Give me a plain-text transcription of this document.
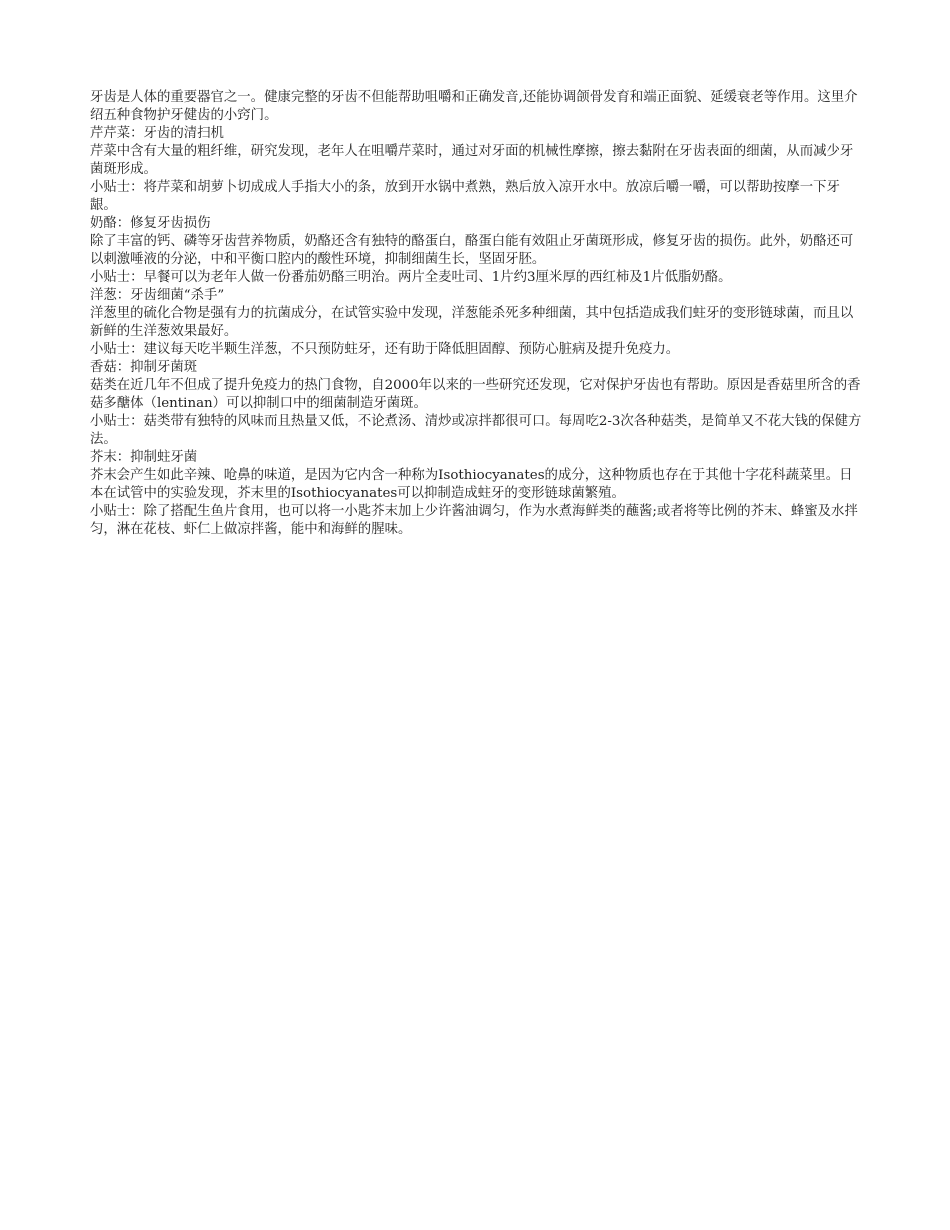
牙齿是人体的重要器官之一。健康完整的牙齿不但能帮助咀嚼和正确发音,还能协调颌骨发育和端正面貌、延缓衰老等作用。这里介绍五种食物护牙健齿的小窍门。

芹芹菜：牙齿的清扫机

芹菜中含有大量的粗纤维，研究发现，老年人在咀嚼芹菜时，通过对牙面的机械性摩擦，擦去黏附在牙齿表面的细菌，从而减少牙菌斑形成。

小贴士：将芹菜和胡萝卜切成成人手指大小的条，放到开水锅中煮熟，熟后放入凉开水中。放凉后嚼一嚼，可以帮助按摩一下牙龈。

奶酪：修复牙齿损伤

除了丰富的钙、磷等牙齿营养物质，奶酪还含有独特的酪蛋白，酪蛋白能有效阻止牙菌斑形成，修复牙齿的损伤。此外，奶酪还可以刺激唾液的分泌，中和平衡口腔内的酸性环境，抑制细菌生长，坚固牙胚。

小贴士：早餐可以为老年人做一份番茄奶酪三明治。两片全麦吐司、1片约3厘米厚的西红柿及1片低脂奶酪。

洋葱：牙齿细菌“杀手”

洋葱里的硫化合物是强有力的抗菌成分，在试管实验中发现，洋葱能杀死多种细菌，其中包括造成我们蛀牙的变形链球菌，而且以新鲜的生洋葱效果最好。

小贴士：建议每天吃半颗生洋葱，不只预防蛀牙，还有助于降低胆固醇、预防心脏病及提升免疫力。

香菇：抑制牙菌斑

菇类在近几年不但成了提升免疫力的热门食物，自2000年以来的一些研究还发现，它对保护牙齿也有帮助。原因是香菇里所含的香菇多醣体（lentinan）可以抑制口中的细菌制造牙菌斑。

小贴士：菇类带有独特的风味而且热量又低，不论煮汤、清炒或凉拌都很可口。每周吃2-3次各种菇类，是简单又不花大钱的保健方法。

芥末：抑制蛀牙菌

芥末会产生如此辛辣、呛鼻的味道，是因为它内含一种称为Isothiocyanates的成分，这种物质也存在于其他十字花科蔬菜里。日本在试管中的实验发现，芥末里的Isothiocyanates可以抑制造成蛀牙的变形链球菌繁殖。

小贴士：除了搭配生鱼片食用，也可以将一小匙芥末加上少许酱油调匀，作为水煮海鲜类的蘸酱;或者将等比例的芥末、蜂蜜及水拌匀，淋在花枝、虾仁上做凉拌酱，能中和海鲜的腥味。
